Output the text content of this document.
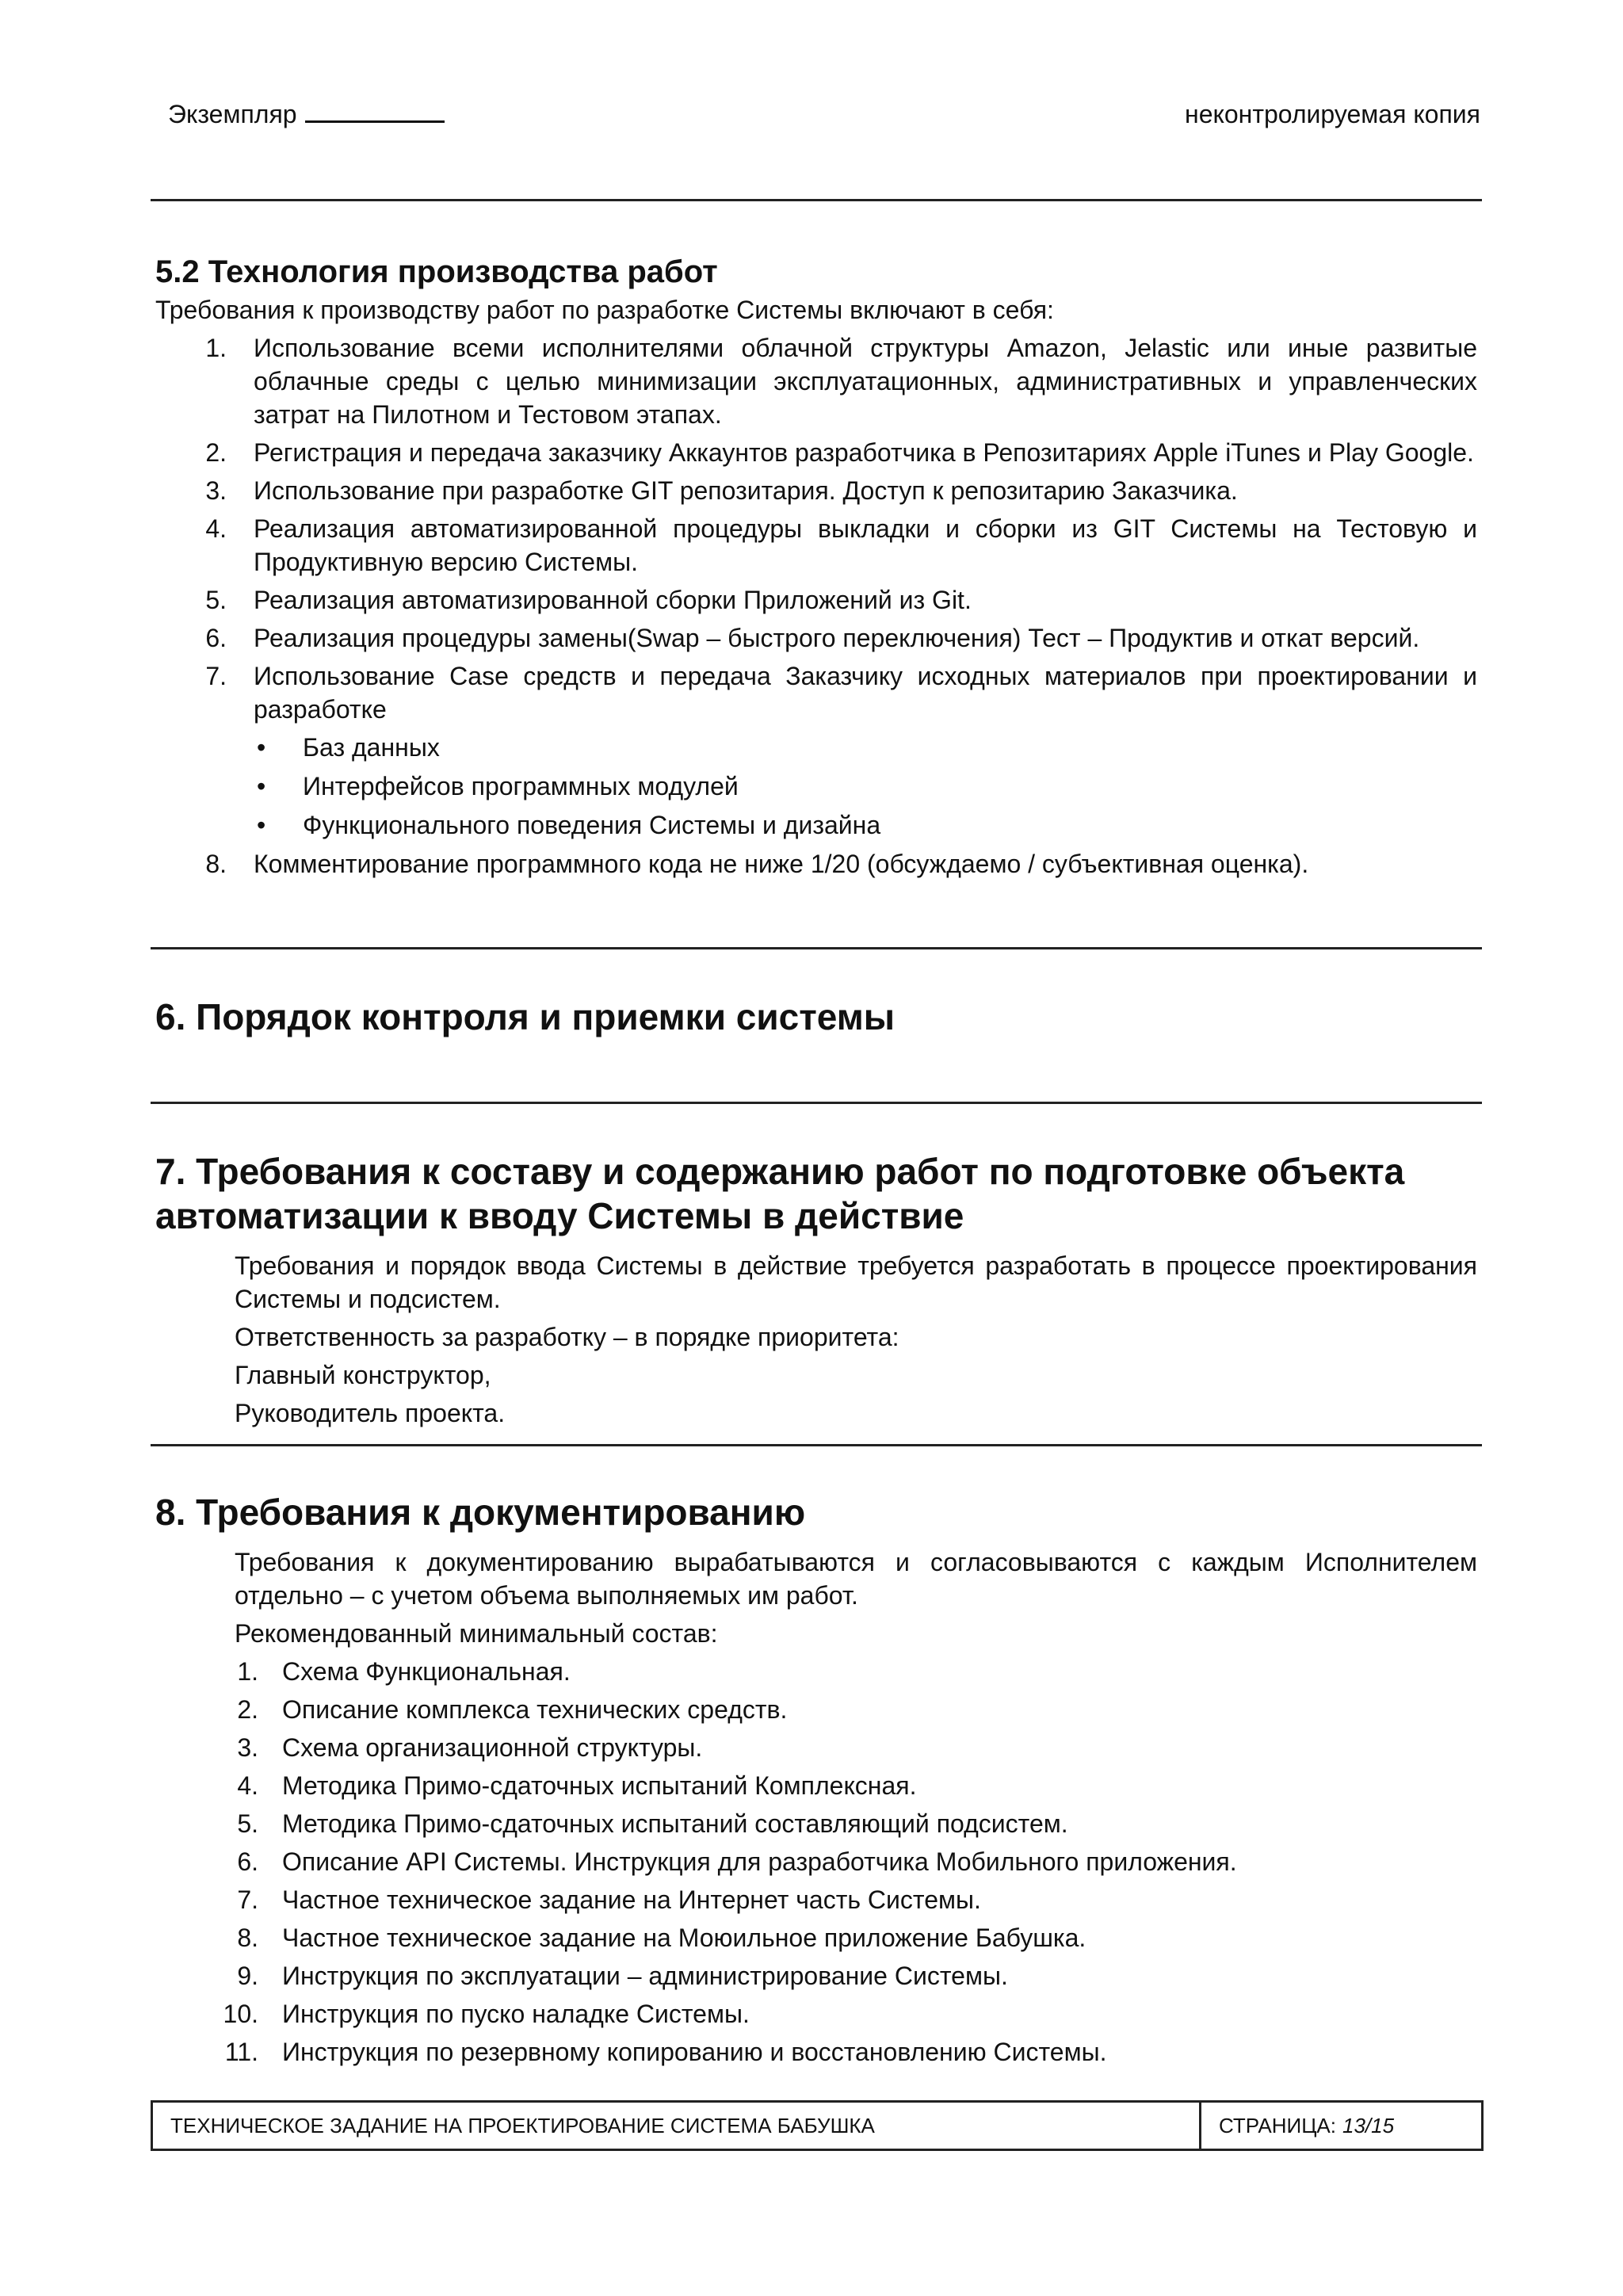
Экземпляр	неконтролируемая копия
5.2 Технология производства работ

Требования к производству работ по разработке Системы включают в себя:

1. Использование всеми исполнителями облачной структуры Amazon, Jelastic или иные развитые облачные среды с целью минимизации эксплуатационных, административных и управленческих затрат на Пилотном и Тестовом этапах.
2. Регистрация и передача заказчику Аккаунтов разработчика в Репозитариях Apple iTunes и Play Google.
3. Использование при разработке GIT репозитария. Доступ к репозитарию Заказчика.
4. Реализация автоматизированной процедуры выкладки и сборки из GIT Системы на Тестовую и Продуктивную версию Системы.
5. Реализация автоматизированной сборки Приложений из Git.
6. Реализация процедуры замены(Swap – быстрого переключения) Тест – Продуктив и откат версий.
7. Использование Case средств и передача Заказчику исходных материалов при проектировании и разработке
• Баз данных
• Интерфейсов программных модулей
• Функционального поведения Системы и дизайна
8. Комментирование программного кода не ниже 1/20 (обсуждаемо / субъективная оценка).
6. Порядок контроля и приемки системы
7. Требования к составу и содержанию работ по подготовке объекта
автоматизации к вводу Системы в действие

Требования и порядок ввода Системы в действие требуется разработать в процессе проектирования Системы и подсистем.

Ответственность за разработку – в порядке приоритета:

Главный конструктор,

Руководитель проекта.

8. Требования к документированию

Требования к документированию вырабатываются и согласовываются с каждым Исполнителем отдельно – с учетом объема выполняемых им работ.

Рекомендованный минимальный состав:

1. Схема Функциональная.
2. Описание комплекса технических средств.
3. Схема организационной структуры.
4. Методика Примо-сдаточных испытаний Комплексная.
5. Методика Примо-сдаточных испытаний составляющий подсистем.
6. Описание API Системы. Инструкция для разработчика Мобильного приложения.
7. Частное техническое задание на Интернет часть Системы.
8. Частное техническое задание на Моюильное приложение Бабушка.
9. Инструкция по эксплуатации – администрирование Системы.
10. Инструкция по пуско наладке Системы.
11. Инструкция по резервному копированию и восстановлению Системы.
ТЕХНИЧЕСКОЕ ЗАДАНИЕ НА ПРОЕКТИРОВАНИЕ СИСТЕМА БАБУШКА	СТРАНИЦА: 13/15
